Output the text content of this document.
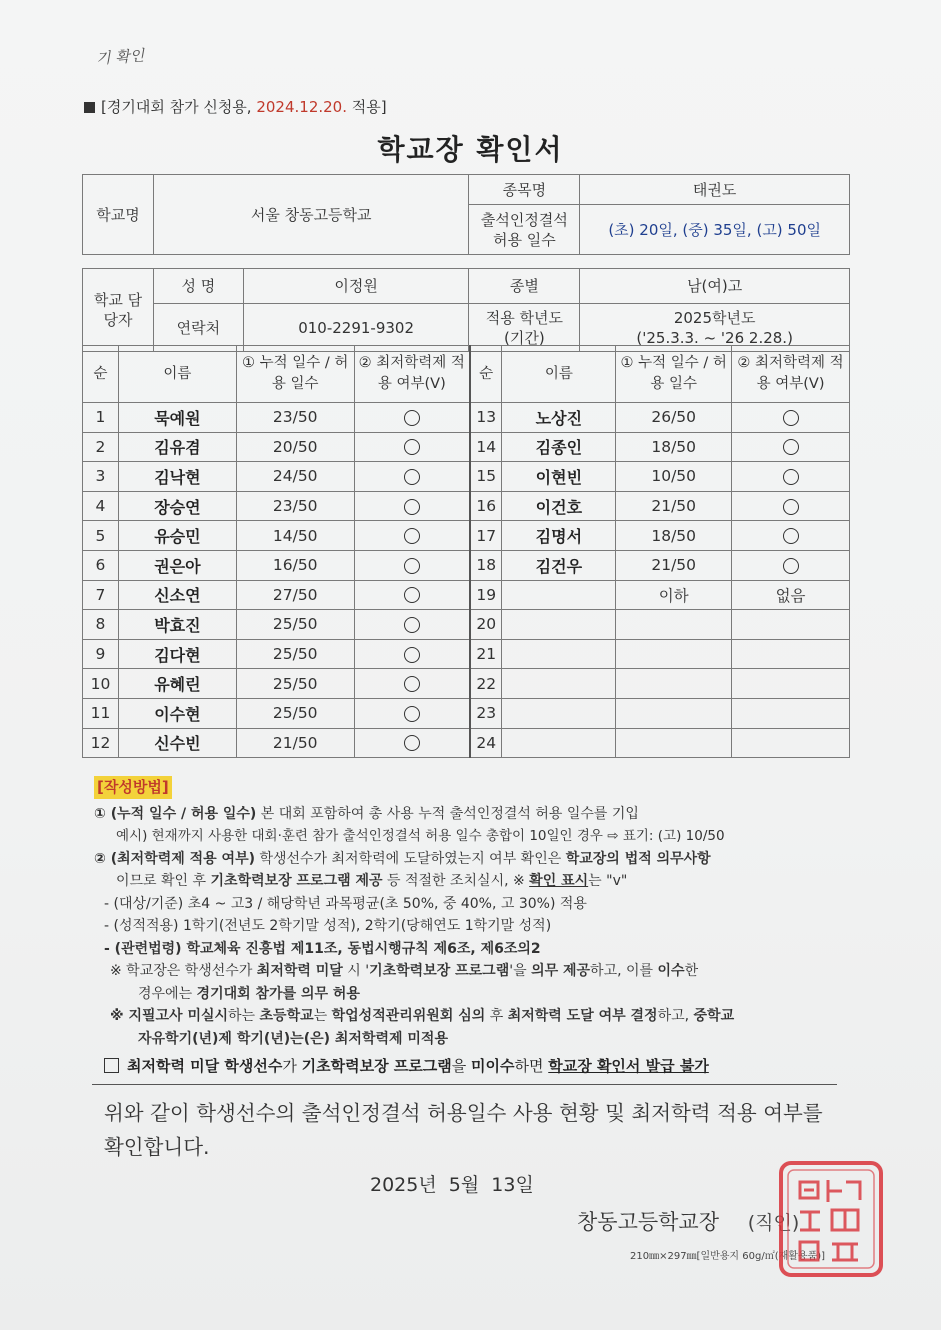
기 확인
[경기대회 참가 신청용, 2024.12.20. 적용]
학교장 확인서
학교명	서울 창동고등학교		종목명	태권도
			출석인정결석 허용 일수	(초) 20일, (중) 35일, (고) 50일

학교 담당자	성 명	이정원	종별	남(여)고
	연락처	010-2291-9302	적용 학년도 (기간)	2025학년도
('25.3.3. ~ '26 2.28.)
순	이름	① 누적 일수 / 허용 일수	② 최저학력제 적용 여부(V)	순	이름	① 누적 일수 / 허용 일수	② 최저학력제 적용 여부(V)
1	묵예원	23/50		13	노상진	26/50	
2	김유겸	20/50		14	김종인	18/50	
3	김낙현	24/50		15	이현빈	10/50	
4	장승연	23/50		16	이건호	21/50	
5	유승민	14/50		17	김명서	18/50	
6	권은아	16/50		18	김건우	21/50	
7	신소연	27/50		19		이하	없음
8	박효진	25/50		20			
9	김다현	25/50		21			
10	유혜린	25/50		22			
11	이수현	25/50		23			
12	신수빈	21/50		24			

[작성방법]

① (누적 일수 / 허용 일수) 본 대회 포함하여 총 사용 누적 출석인정결석 허용 일수를 기입

예시) 현재까지 사용한 대회·훈련 참가 출석인정결석 허용 일수 총합이 10일인 경우 ⇨ 표기: (고) 10/50

② (최저학력제 적용 여부) 학생선수가 최저학력에 도달하였는지 여부 확인은 학교장의 법적 의무사항

이므로 확인 후 기초학력보장 프로그램 제공 등 적절한 조치실시, ※ 확인 표시는 "v"

- (대상/기준) 초4 ~ 고3 / 해당학년 과목평균(초 50%, 중 40%, 고 30%) 적용

- (성적적용) 1학기(전년도 2학기말 성적), 2학기(당해연도 1학기말 성적)

- (관련법령) 학교체육 진흥법 제11조, 동법시행규칙 제6조, 제6조의2

※ 학교장은 학생선수가 최저학력 미달 시 '기초학력보장 프로그램'을 의무 제공하고, 이를 이수한

경우에는 경기대회 참가를 의무 허용

※ 지필고사 미실시하는 초등학교는 학업성적관리위원회 심의 후 최저학력 도달 여부 결정하고, 중학교

자유학기(년)제 학기(년)는(은) 최저학력제 미적용

최저학력 미달 학생선수가 기초학력보장 프로그램을 미이수하면 학교장 확인서 발급 불가
위와 같이 학생선수의 출석인정결석 허용일수 사용 현황 및 최저학력 적용 여부를 확인합니다.
2025년 5월 13일
창동고등학교장 (직인)
210㎜×297㎜[일반용지 60g/㎡(재활용품)]
